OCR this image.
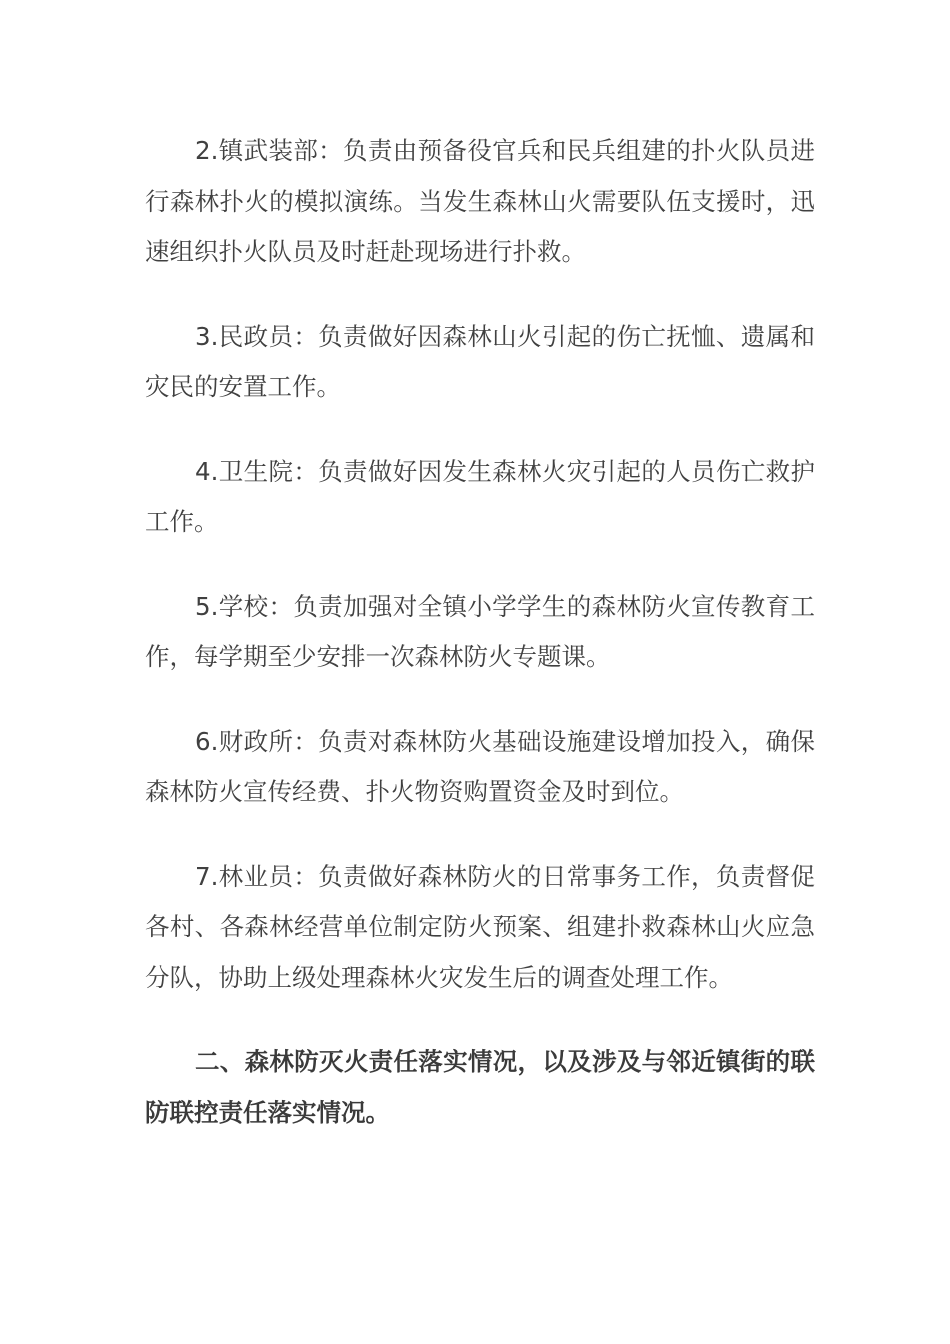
2.镇武装部：负责由预备役官兵和民兵组建的扑火队员进行森林扑火的模拟演练。当发生森林山火需要队伍支援时，迅速组织扑火队员及时赶赴现场进行扑救。

3.民政员：负责做好因森林山火引起的伤亡抚恤、遗属和灾民的安置工作。

4.卫生院：负责做好因发生森林火灾引起的人员伤亡救护工作。

5.学校：负责加强对全镇小学学生的森林防火宣传教育工作，每学期至少安排一次森林防火专题课。

6.财政所：负责对森林防火基础设施建设增加投入，确保森林防火宣传经费、扑火物资购置资金及时到位。

7.林业员：负责做好森林防火的日常事务工作，负责督促各村、各森林经营单位制定防火预案、组建扑救森林山火应急分队，协助上级处理森林火灾发生后的调查处理工作。

二、森林防灭火责任落实情况，以及涉及与邻近镇街的联防联控责任落实情况。
